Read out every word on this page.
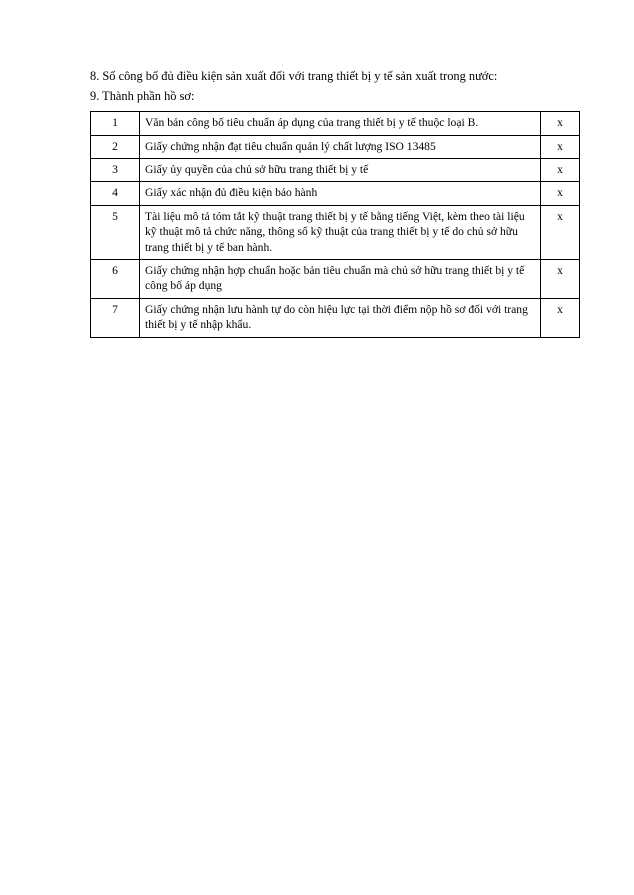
8. Số công bố đủ điều kiện sản xuất đối với trang thiết bị y tế sản xuất trong nước:

9. Thành phần hồ sơ:

1	Văn bản công bố tiêu chuẩn áp dụng của trang thiết bị y tế thuộc loại B.	x
2	Giấy chứng nhận đạt tiêu chuẩn quản lý chất lượng ISO 13485	x
3	Giấy ủy quyền của chủ sở hữu trang thiết bị y tế	x
4	Giấy xác nhận đủ điều kiện bảo hành	x
5	Tài liệu mô tả tóm tắt kỹ thuật trang thiết bị y tế bằng tiếng Việt, kèm theo tài liệu kỹ thuật mô tả chức năng, thông số kỹ thuật của trang thiết bị y tế do chủ sở hữu trang thiết bị y tế ban hành.	x
6	Giấy chứng nhận hợp chuẩn hoặc bản tiêu chuẩn mà chủ sở hữu trang thiết bị y tế công bố áp dụng	x
7	Giấy chứng nhận lưu hành tự do còn hiệu lực tại thời điểm nộp hồ sơ đối với trang thiết bị y tế nhập khẩu.	x
